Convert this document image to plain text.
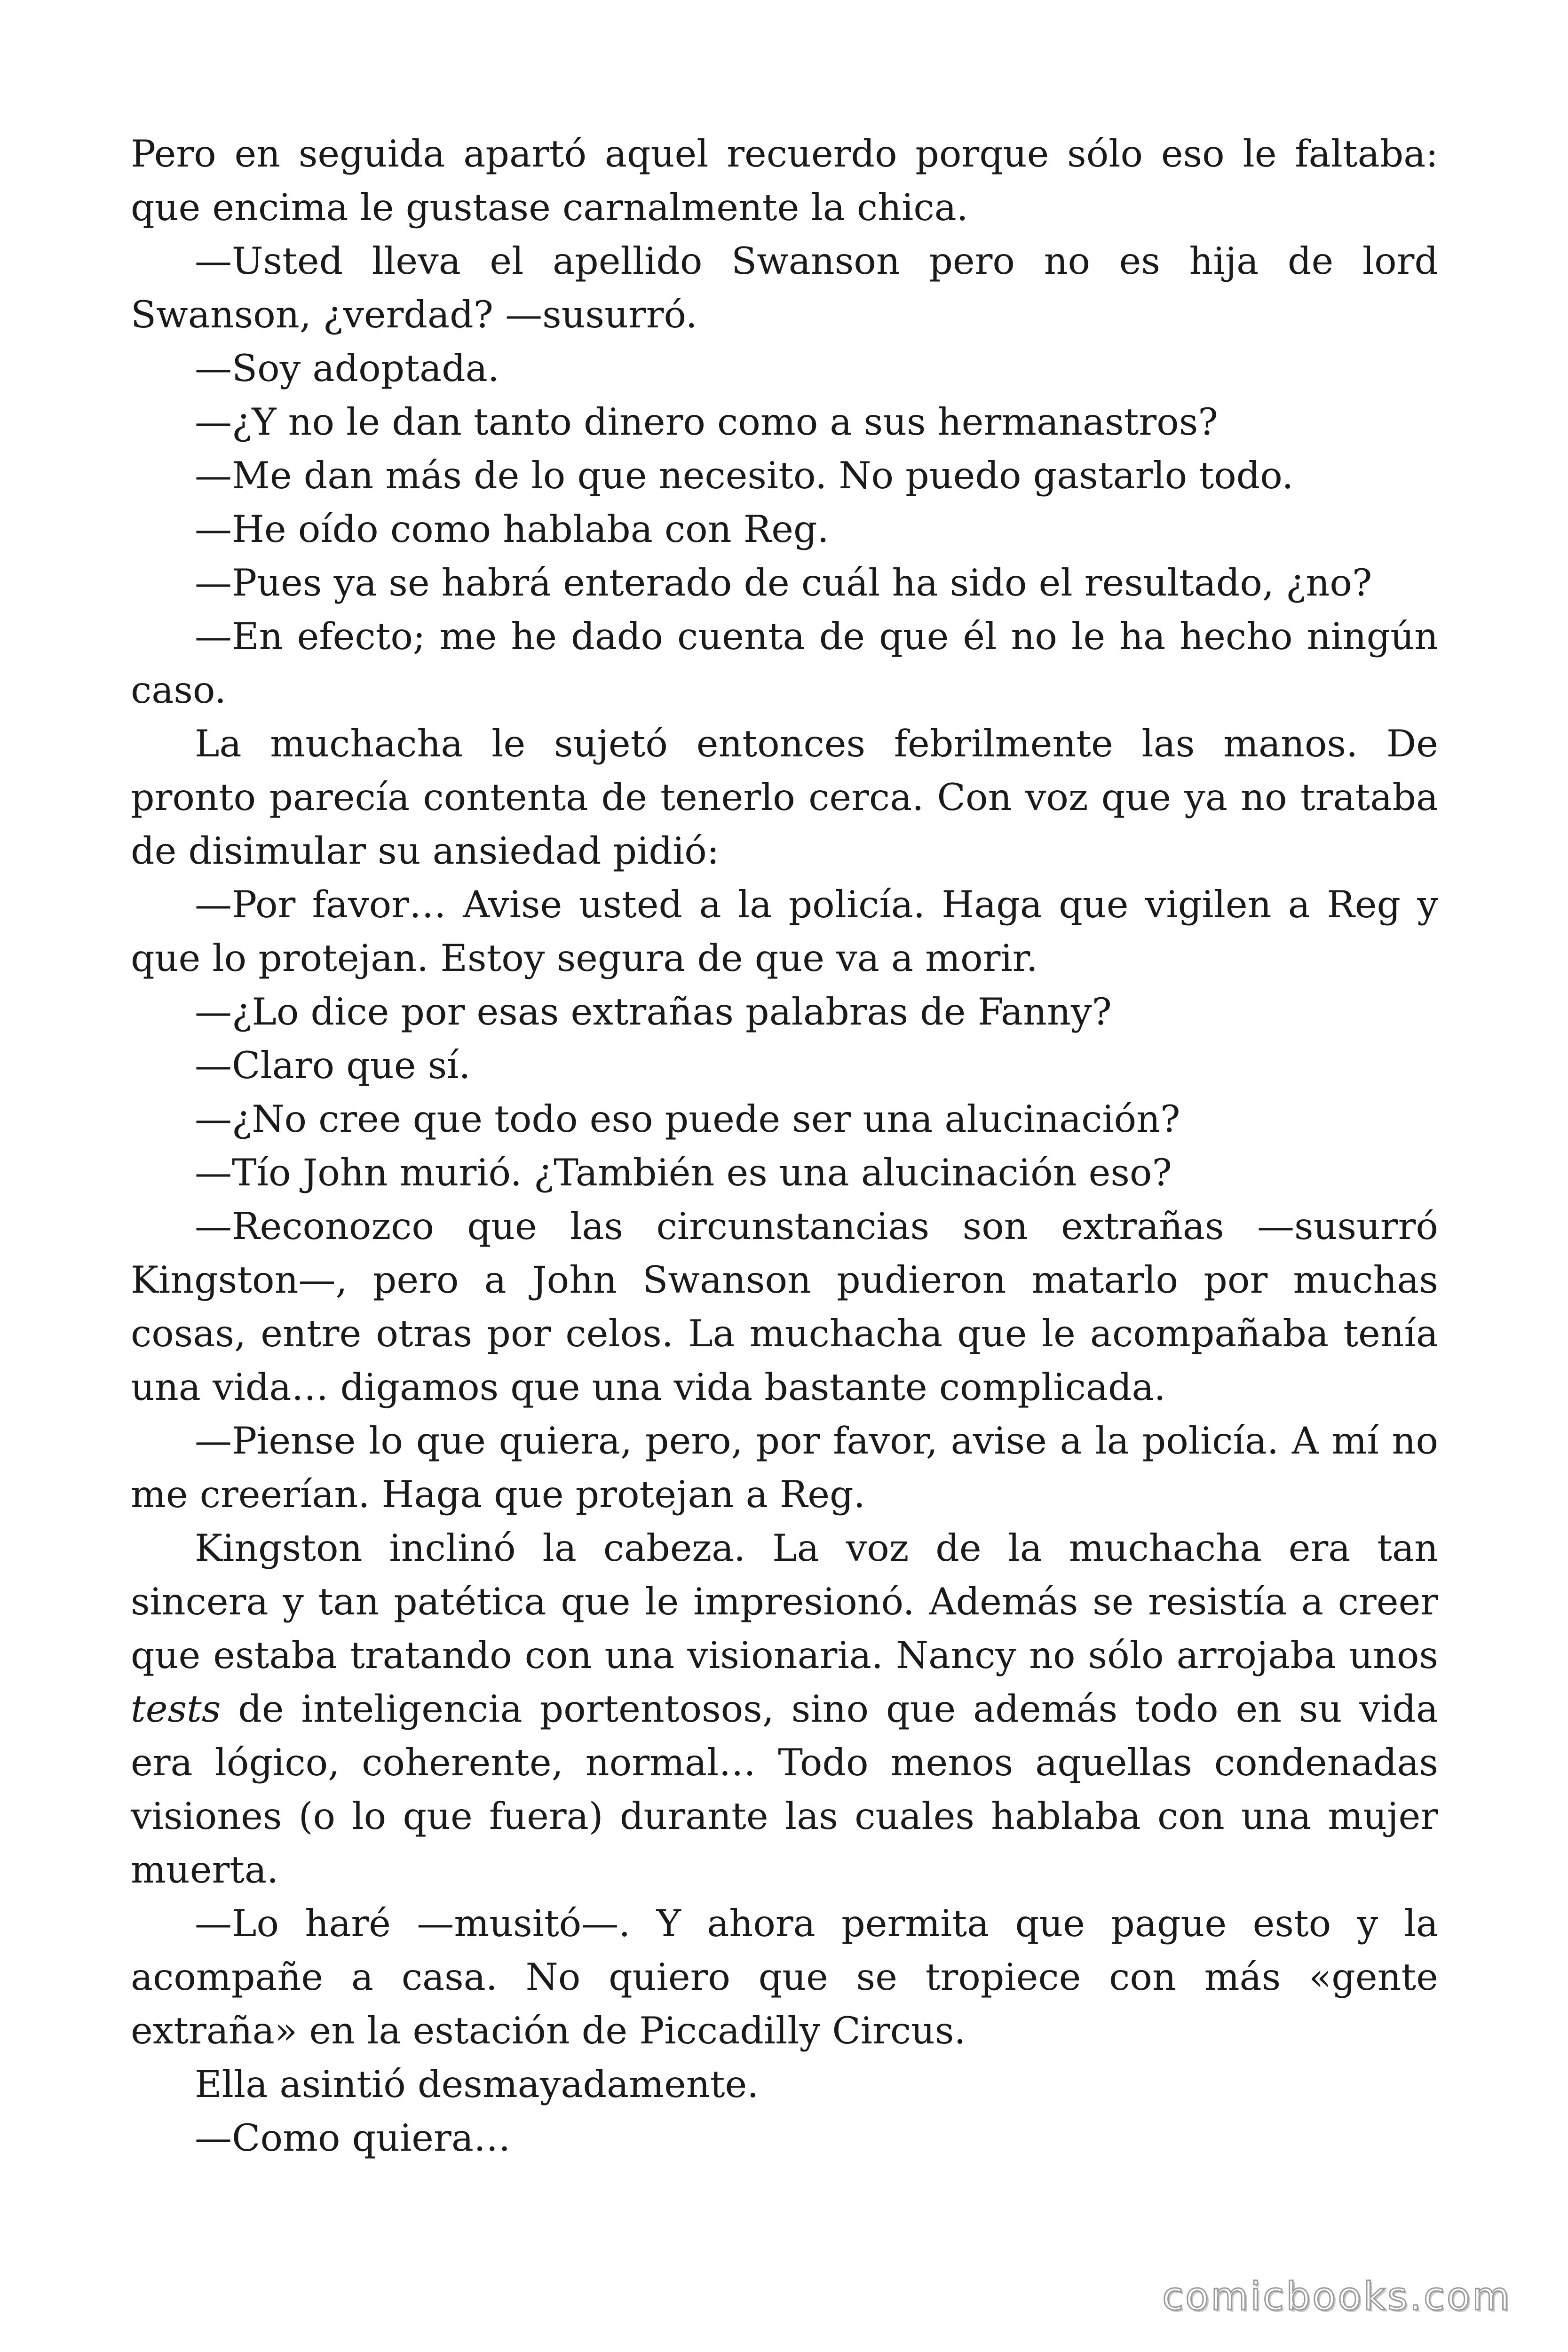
Pero en seguida apartó aquel recuerdo porque sólo eso le faltaba: que encima le gustase carnalmente la chica.

—Usted lleva el apellido Swanson pero no es hija de lord Swanson, ¿verdad? —susurró.

—Soy adoptada.

—¿Y no le dan tanto dinero como a sus hermanastros?

—Me dan más de lo que necesito. No puedo gastarlo todo.

—He oído como hablaba con Reg.

—Pues ya se habrá enterado de cuál ha sido el resultado, ¿no?

—En efecto; me he dado cuenta de que él no le ha hecho ningún caso.

La muchacha le sujetó entonces febrilmente las manos. De pronto parecía contenta de tenerlo cerca. Con voz que ya no trataba de disimular su ansiedad pidió:

—Por favor… Avise usted a la policía. Haga que vigilen a Reg y que lo protejan. Estoy segura de que va a morir.

—¿Lo dice por esas extrañas palabras de Fanny?

—Claro que sí.

—¿No cree que todo eso puede ser una alucinación?

—Tío John murió. ¿También es una alucinación eso?

—Reconozco que las circunstancias son extrañas —susurró Kingston—, pero a John Swanson pudieron matarlo por muchas cosas, entre otras por celos. La muchacha que le acompañaba tenía una vida… digamos que una vida bastante complicada.

—Piense lo que quiera, pero, por favor, avise a la policía. A mí no me creerían. Haga que protejan a Reg.

Kingston inclinó la cabeza. La voz de la muchacha era tan sincera y tan patética que le impresionó. Además se resistía a creer que estaba tratando con una visionaria. Nancy no sólo arrojaba unos tests de inteligencia portentosos, sino que además todo en su vida era lógico, coherente, normal… Todo menos aquellas condenadas visiones (o lo que fuera) durante las cuales hablaba con una mujer muerta.

—Lo haré —musitó—. Y ahora permita que pague esto y la acompañe a casa. No quiero que se tropiece con más «gente extraña» en la estación de Piccadilly Circus.

Ella asintió desmayadamente.

—Como quiera…

comicbooks.com
